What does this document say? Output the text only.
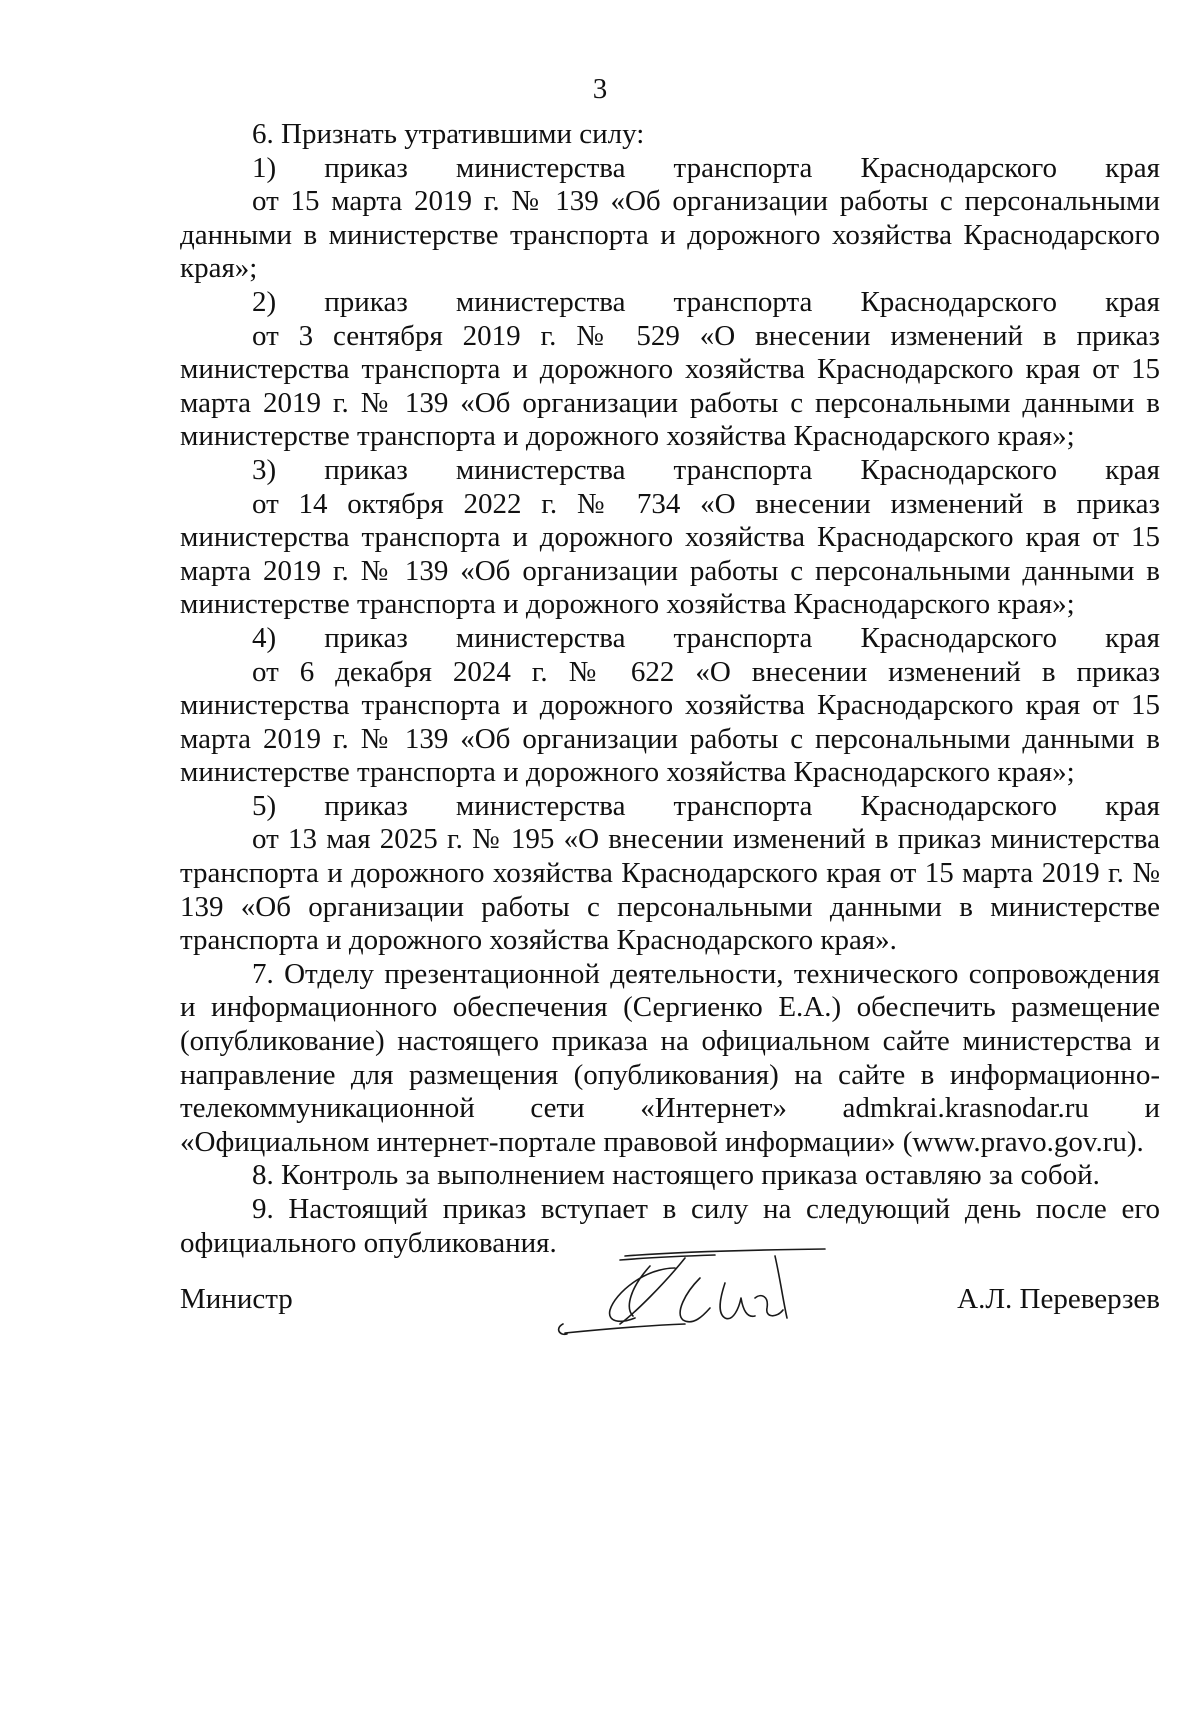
3

6. Признать утратившими силу:

1) приказ министерства транспорта Краснодарского края
от 15 марта 2019 г. № 139 «Об организации работы с персональными данными в министерстве транспорта и дорожного хозяйства Краснодарского края»;
2) приказ министерства транспорта Краснодарского края
от 3 сентября 2019 г. № 529 «О внесении изменений в приказ министерства транспорта и дорожного хозяйства Краснодарского края от 15 марта 2019 г. № 139 «Об организации работы с персональными данными в министерстве транспорта и дорожного хозяйства Краснодарского края»;
3) приказ министерства транспорта Краснодарского края
от 14 октября 2022 г. № 734 «О внесении изменений в приказ министерства транспорта и дорожного хозяйства Краснодарского края от 15 марта 2019 г. № 139 «Об организации работы с персональными данными в министерстве транспорта и дорожного хозяйства Краснодарского края»;
4) приказ министерства транспорта Краснодарского края
от 6 декабря 2024 г. № 622 «О внесении изменений в приказ министерства транспорта и дорожного хозяйства Краснодарского края от 15 марта 2019 г. № 139 «Об организации работы с персональными данными в министерстве транспорта и дорожного хозяйства Краснодарского края»;
5) приказ министерства транспорта Краснодарского края
от 13 мая 2025 г. № 195 «О внесении изменений в приказ министерства транспорта и дорожного хозяйства Краснодарского края от 15 марта 2019 г. № 139 «Об организации работы с персональными данными в министерстве транспорта и дорожного хозяйства Краснодарского края».

7. Отделу презентационной деятельности, технического сопровождения и информационного обеспечения (Сергиенко Е.А.) обеспечить размещение (опубликование) настоящего приказа на официальном сайте министерства и направление для размещения (опубликования) на сайте в информационно-телекоммуникационной сети «Интернет» admkrai.krasnodar.ru и «Официальном интернет-портале правовой информации» (www.pravo.gov.ru).

8. Контроль за выполнением настоящего приказа оставляю за собой.

9. Настоящий приказ вступает в силу на следующий день после его официального опубликования.

Министр	А.Л. Переверзев
